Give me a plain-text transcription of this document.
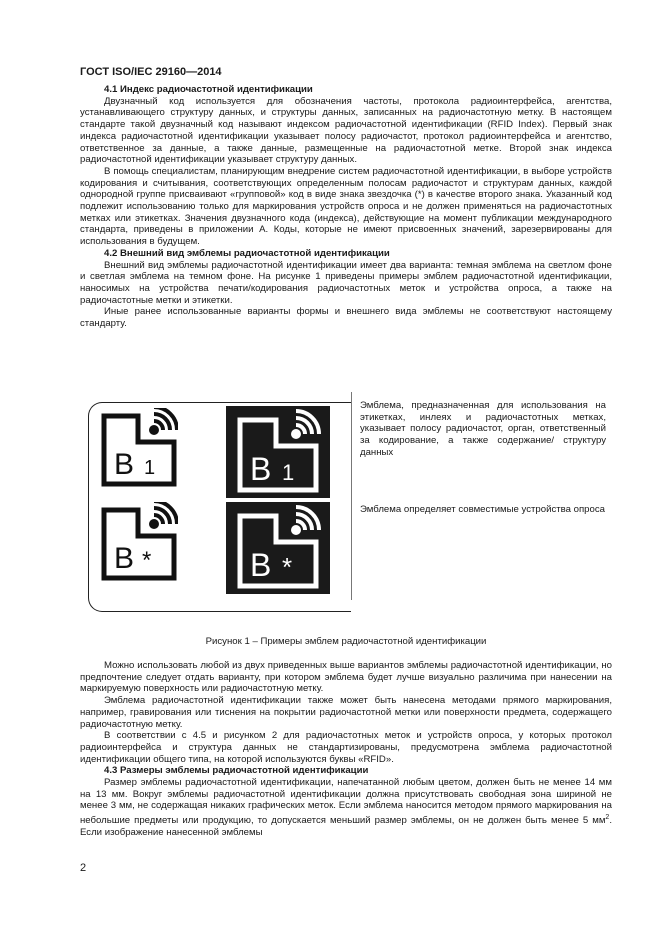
ГОСТ ISO/IEC 29160—2014
4.1 Индекс радиочастотной идентификации

Двузначный код используется для обозначения частоты, протокола радиоинтерфейса, агентства, устанавливающего структуру данных, и структуры данных, записанных на радиочастотную метку. В настоящем стандарте такой двузначный код называют индексом радиочастотной идентификации (RFID Index). Первый знак индекса радиочастотной идентификации указывает полосу радиочастот, протокол радиоинтерфейса и агентство, ответственное за данные, а также данные, размещенные на радиочастотной метке. Второй знак индекса радиочастотной идентификации указывает структуру данных.

В помощь специалистам, планирующим внедрение систем радиочастотной идентификации, в выборе устройств кодирования и считывания, соответствующих определенным полосам радиочастот и структурам данных, каждой однородной группе присваивают «групповой» код в виде знака звездочка (*) в качестве второго знака. Указанный код подлежит использованию только для маркирования устройств опроса и не должен применяться на радиочастотных метках или этикетках. Значения двузначного кода (индекса), действующие на момент публикации международного стандарта, приведены в приложении А. Коды, которые не имеют присвоенных значений, зарезервированы для использования в будущем.

4.2 Внешний вид эмблемы радиочастотной идентификации

Внешний вид эмблемы радиочастотной идентификации имеет два варианта: темная эмблема на светлом фоне и светлая эмблема на темном фоне. На рисунке 1 приведены примеры эмблем радиочастотной идентификации, наносимых на устройства печати/кодирования радиочастотных меток и устройства опроса, а также на радиочастотные метки и этикетки.

Иные ранее использованные варианты формы и внешнего вида эмблемы не соответствуют настоящему стандарту.

B 1	B 1
B *	B *

Эмблема, предназначенная для использования на этикетках, инлеях и радиочастотных метках, указывает полосу радиочастот, орган, ответственный за кодирование, а также содержание/ структуру данных

Эмблема определяет совместимые устройства опроса

Рисунок 1 – Примеры эмблем радиочастотной идентификации

Можно использовать любой из двух приведенных выше вариантов эмблемы радиочастотной идентификации, но предпочтение следует отдать варианту, при котором эмблема будет лучше визуально различима при нанесении на маркируемую поверхность или радиочастотную метку.

Эмблема радиочастотной идентификации также может быть нанесена методами прямого маркирования, например, гравирования или тиснения на покрытии радиочастотной метки или поверхности предмета, содержащего радиочастотную метку.

В соответствии с 4.5 и рисунком 2 для радиочастотных меток и устройств опроса, у которых протокол радиоинтерфейса и структура данных не стандартизированы, предусмотрена эмблема радиочастотной идентификации общего типа, на которой используются буквы «RFID».

4.3 Размеры эмблемы радиочастотной идентификации

Размер эмблемы радиочастотной идентификации, напечатанной любым цветом, должен быть не менее 14 мм на 13 мм. Вокруг эмблемы радиочастотной идентификации должна присутствовать свободная зона шириной не менее 3 мм, не содержащая никаких графических меток. Если эмблема наносится методом прямого маркирования на небольшие предметы или продукцию, то допускается меньший размер эмблемы, он не должен быть менее 5 $мм^2$. Если изображение нанесенной эмблемы

2
